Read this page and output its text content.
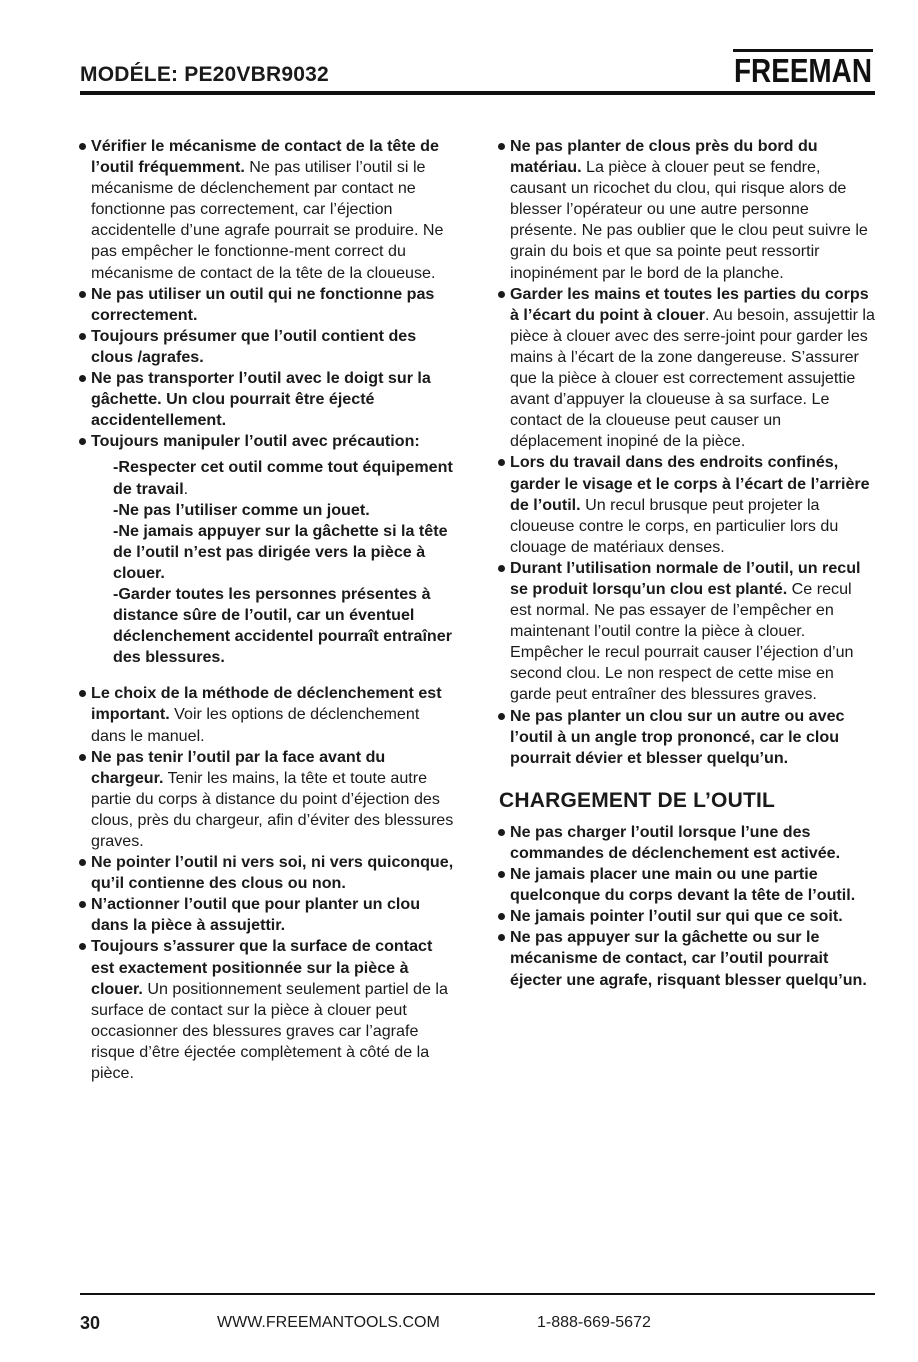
MODÉLE: PE20VBR9032	FREEMAN
Vérifier le mécanisme de contact de la tête de l’outil fréquemment. Ne pas utiliser l’outil si le mécanisme de déclenchement par contact ne fonctionne pas correctement, car l’éjection accidentelle d’une agrafe pourrait se produire. Ne pas empêcher le fonctionne-ment correct du mécanisme de contact de la tête de la cloueuse.
Ne pas utiliser un outil qui ne fonctionne pas correctement.
Toujours présumer que l’outil contient des clous /agrafes.
Ne pas transporter l’outil avec le doigt sur la gâchette. Un clou pourrait être éjecté accidentellement.
Toujours manipuler l’outil avec précaution:
-Respecter cet outil comme tout équipement de travail.
-Ne pas l’utiliser comme un jouet.
-Ne jamais appuyer sur la gâchette si la tête de l’outil n’est pas dirigée vers la pièce à clouer.
-Garder toutes les personnes présentes à distance sûre de l’outil, car un éventuel déclenchement accidentel pourraît entraîner des blessures.
Le choix de la méthode de déclenchement est important. Voir les options de déclenchement dans le manuel.
Ne pas tenir l’outil par la face avant du chargeur. Tenir les mains, la tête et toute autre partie du corps à distance du point d’éjection des clous, près du chargeur, afin d’éviter des blessures graves.
Ne pointer l’outil ni vers soi, ni vers quiconque, qu’il contienne des clous ou non.
N’actionner l’outil que pour planter un clou dans la pièce à assujettir.
Toujours s’assurer que la surface de contact est exactement positionnée sur la pièce à clouer. Un positionnement seulement partiel de la surface de contact sur la pièce à clouer peut occasionner des blessures graves car l’agrafe risque d’être éjectée complètement à côté de la pièce.
Ne pas planter de clous près du bord du matériau. La pièce à clouer peut se fendre, causant un ricochet du clou, qui risque alors de blesser l’opérateur ou une autre personne présente. Ne pas oublier que le clou peut suivre le grain du bois et que sa pointe peut ressortir inopinément par le bord de la planche.
Garder les mains et toutes les parties du corps à l’écart du point à clouer. Au besoin, assujettir la pièce à clouer avec des serre-joint pour garder les mains à l’écart de la zone dangereuse. S’assurer que la pièce à clouer est correctement assujettie avant d’appuyer la cloueuse à sa surface. Le contact de la cloueuse peut causer un déplacement inopiné de la pièce.
Lors du travail dans des endroits confinés, garder le visage et le corps à l’écart de l’arrière de l’outil. Un recul brusque peut projeter la cloueuse contre le corps, en particulier lors du clouage de matériaux denses.
Durant l’utilisation normale de l’outil, un recul se produit lorsqu’un clou est planté. Ce recul est normal. Ne pas essayer de l’empêcher en maintenant l’outil contre la pièce à clouer. Empêcher le recul pourrait causer l’éjection d’un second clou. Le non respect de cette mise en garde peut entraîner des blessures graves.
Ne pas planter un clou sur un autre ou avec l’outil à un angle trop prononcé, car le clou pourrait dévier et blesser quelqu’un.
CHARGEMENT DE L’OUTIL
Ne pas charger l’outil lorsque l’une des commandes de déclenchement est activée.
Ne jamais placer une main ou une partie quelconque du corps devant la tête de l’outil.
Ne jamais pointer l’outil sur qui que ce soit.
Ne pas appuyer sur la gâchette ou sur le mécanisme de contact, car l’outil pourrait éjecter une agrafe, risquant blesser quelqu’un.
30	WWW.FREEMANTOOLS.COM	1-888-669-5672
